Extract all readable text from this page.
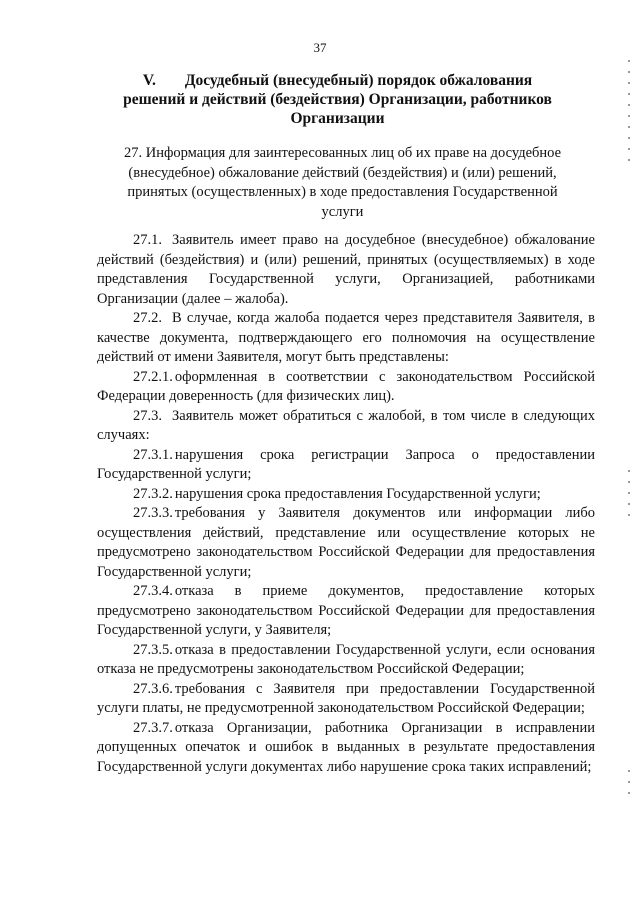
37
V. Досудебный (внесудебный) порядок обжалования
решений и действий (бездействия) Организации, работников
Организации
27. Информация для заинтересованных лиц об их праве на досудебное
(внесудебное) обжалование действий (бездействия) и (или) решений,
принятых (осуществленных) в ходе предоставления Государственной
услуги

27.1. Заявитель имеет право на досудебное (внесудебное) обжалование действий (бездействия) и (или) решений, принятых (осуществляемых) в ходе представления Государственной услуги, Организацией, работниками Организации (далее – жалоба).

27.2. В случае, когда жалоба подается через представителя Заявителя, в качестве документа, подтверждающего его полномочия на осуществление действий от имени Заявителя, могут быть представлены:

27.2.1. оформленная в соответствии с законодательством Российской Федерации доверенность (для физических лиц).

27.3. Заявитель может обратиться с жалобой, в том числе в следующих случаях:

27.3.1. нарушения срока регистрации Запроса о предоставлении Государственной услуги;

27.3.2. нарушения срока предоставления Государственной услуги;

27.3.3. требования у Заявителя документов или информации либо осуществления действий, представление или осуществление которых не предусмотрено законодательством Российской Федерации для предоставления Государственной услуги;

27.3.4. отказа в приеме документов, предоставление которых предусмотрено законодательством Российской Федерации для предоставления Государственной услуги, у Заявителя;

27.3.5. отказа в предоставлении Государственной услуги, если основания отказа не предусмотрены законодательством Российской Федерации;

27.3.6. требования с Заявителя при предоставлении Государственной услуги платы, не предусмотренной законодательством Российской Федерации;

27.3.7. отказа Организации, работника Организации в исправлении допущенных опечаток и ошибок в выданных в результате предоставления Государственной услуги документах либо нарушение срока таких исправлений;
